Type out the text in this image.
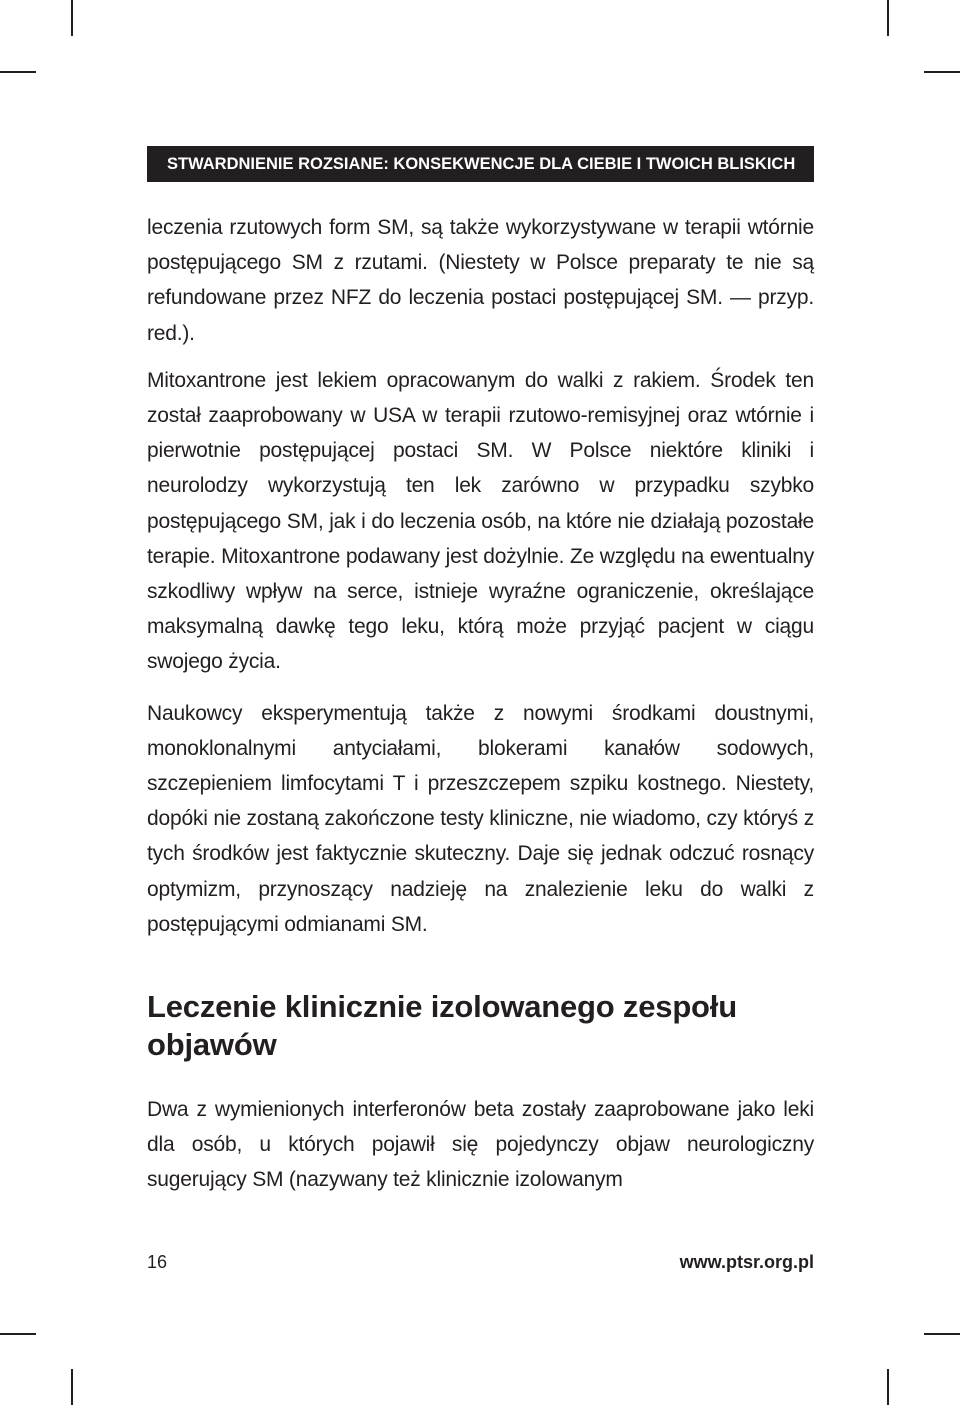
STWARDNIENIE ROZSIANE: KONSEKWENCJE DLA CIEBIE I TWOICH BLISKICH

leczenia rzutowych form SM, są także wykorzystywane w terapii wtórnie postępującego SM z rzutami. (Niestety w Polsce preparaty te nie są refundowane przez NFZ do leczenia postaci postępującej SM. — przyp. red.).

Mitoxantrone jest lekiem opracowanym do walki z rakiem. Środek ten został zaaprobowany w USA w terapii rzutowo-remisyjnej oraz wtórnie i pierwotnie postępującej postaci SM. W Polsce niektóre kliniki i neurolodzy wykorzystują ten lek zarówno w przypadku szybko postępującego SM, jak i do leczenia osób, na które nie działają pozostałe terapie. Mitoxantrone podawany jest dożylnie. Ze względu na ewentualny szkodliwy wpływ na serce, istnieje wyraźne ograniczenie, określające maksymalną dawkę tego leku, którą może przyjąć pacjent w ciągu swojego życia.

Naukowcy eksperymentują także z nowymi środkami doustnymi, monoklonalnymi antyciałami, blokerami kanałów sodowych, szczepieniem limfocytami T i przeszczepem szpiku kostnego. Niestety, dopóki nie zostaną zakończone testy kliniczne, nie wiadomo, czy któryś z tych środków jest faktycznie skuteczny. Daje się jednak odczuć rosnący optymizm, przynoszący nadzieję na znalezienie leku do walki z postępującymi odmianami SM.

Leczenie klinicznie izolowanego zespołu objawów

Dwa z wymienionych interferonów beta zostały zaaprobowane jako leki dla osób, u których pojawił się pojedynczy objaw neurologiczny sugerujący SM (nazywany też klinicznie izolowanym

16	www.ptsr.org.pl
